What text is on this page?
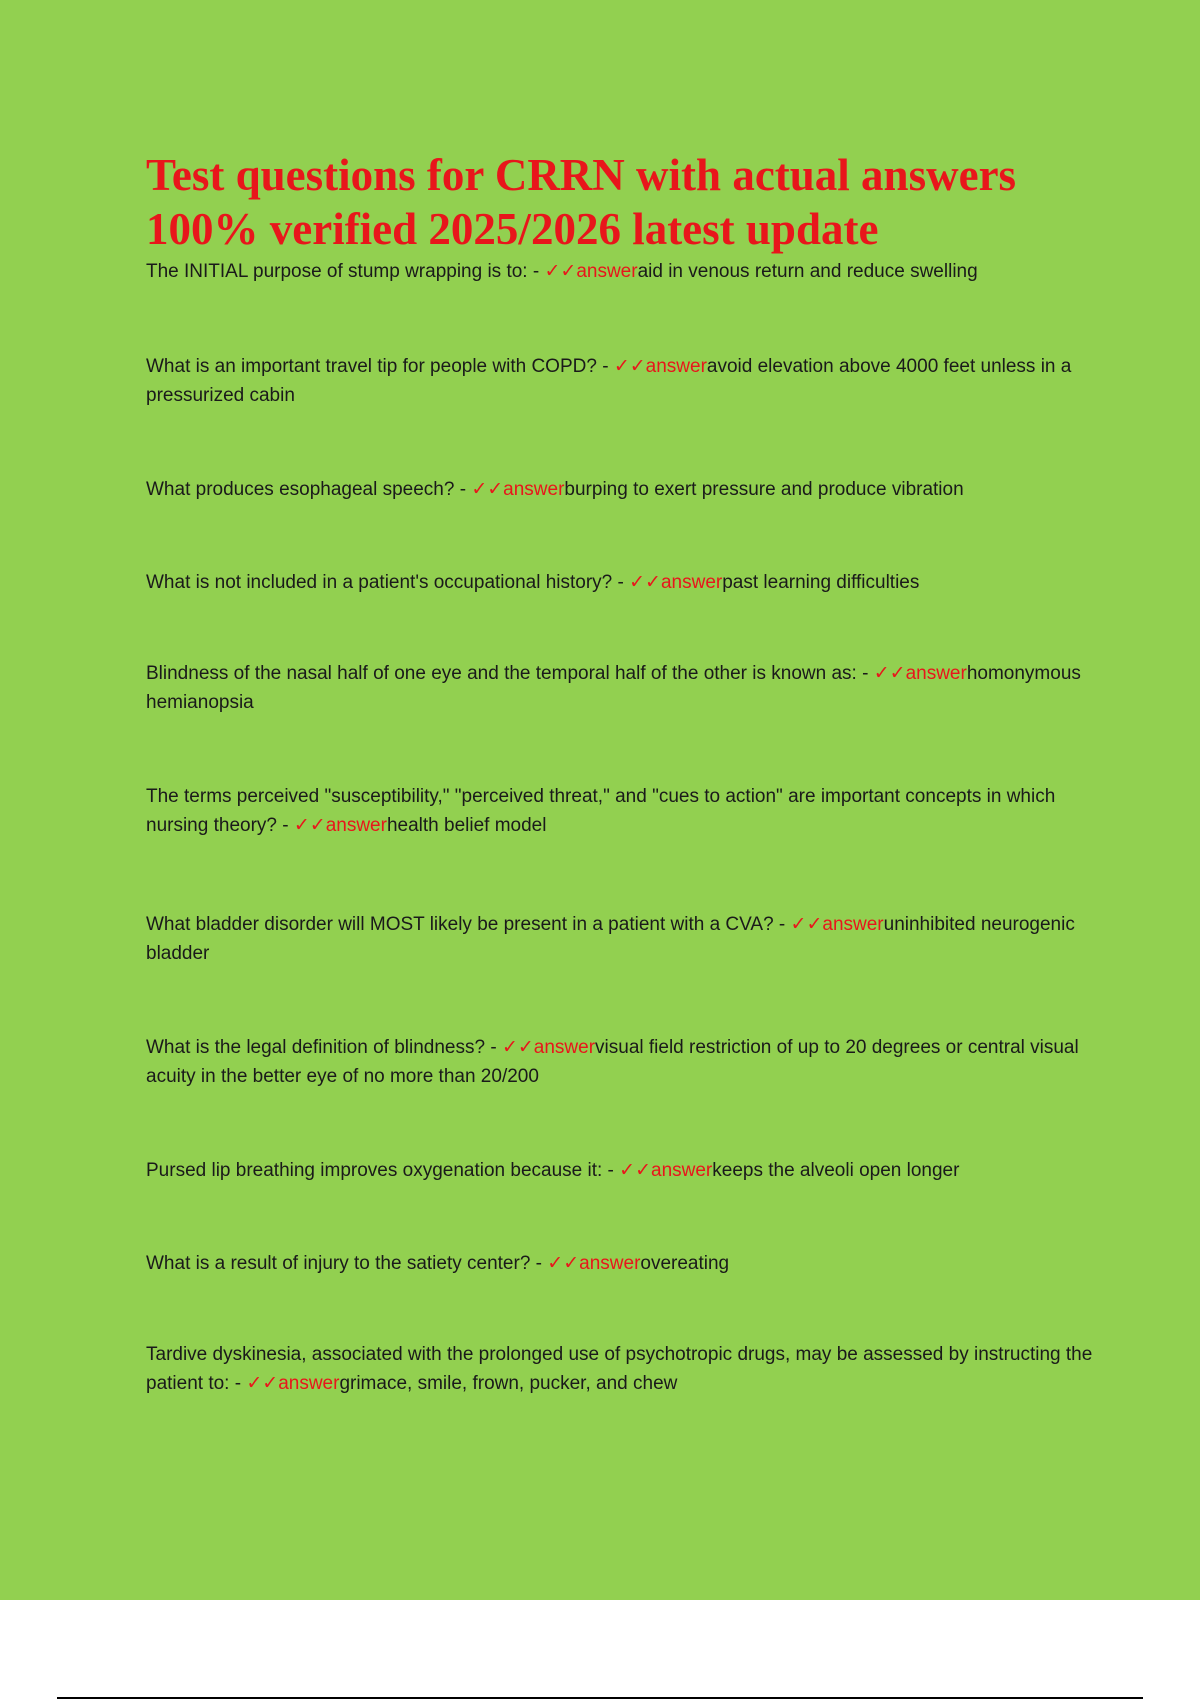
Test questions for CRRN with actual answers
100% verified 2025/2026 latest update

The INITIAL purpose of stump wrapping is to: - ✓✓answeraid in venous return and reduce swelling

What is an important travel tip for people with COPD? - ✓✓answeravoid elevation above 4000 feet unless in a pressurized cabin

What produces esophageal speech? - ✓✓answerburping to exert pressure and produce vibration

What is not included in a patient's occupational history? - ✓✓answerpast learning difficulties

Blindness of the nasal half of one eye and the temporal half of the other is known as: - ✓✓answerhomonymous hemianopsia

The terms perceived "susceptibility," "perceived threat," and "cues to action" are important concepts in which nursing theory? - ✓✓answerhealth belief model

What bladder disorder will MOST likely be present in a patient with a CVA? - ✓✓answeruninhibited neurogenic bladder

What is the legal definition of blindness? - ✓✓answervisual field restriction of up to 20 degrees or central visual acuity in the better eye of no more than 20/200

Pursed lip breathing improves oxygenation because it: - ✓✓answerkeeps the alveoli open longer

What is a result of injury to the satiety center? - ✓✓answerovereating

Tardive dyskinesia, associated with the prolonged use of psychotropic drugs, may be assessed by instructing the patient to: - ✓✓answergrimace, smile, frown, pucker, and chew
